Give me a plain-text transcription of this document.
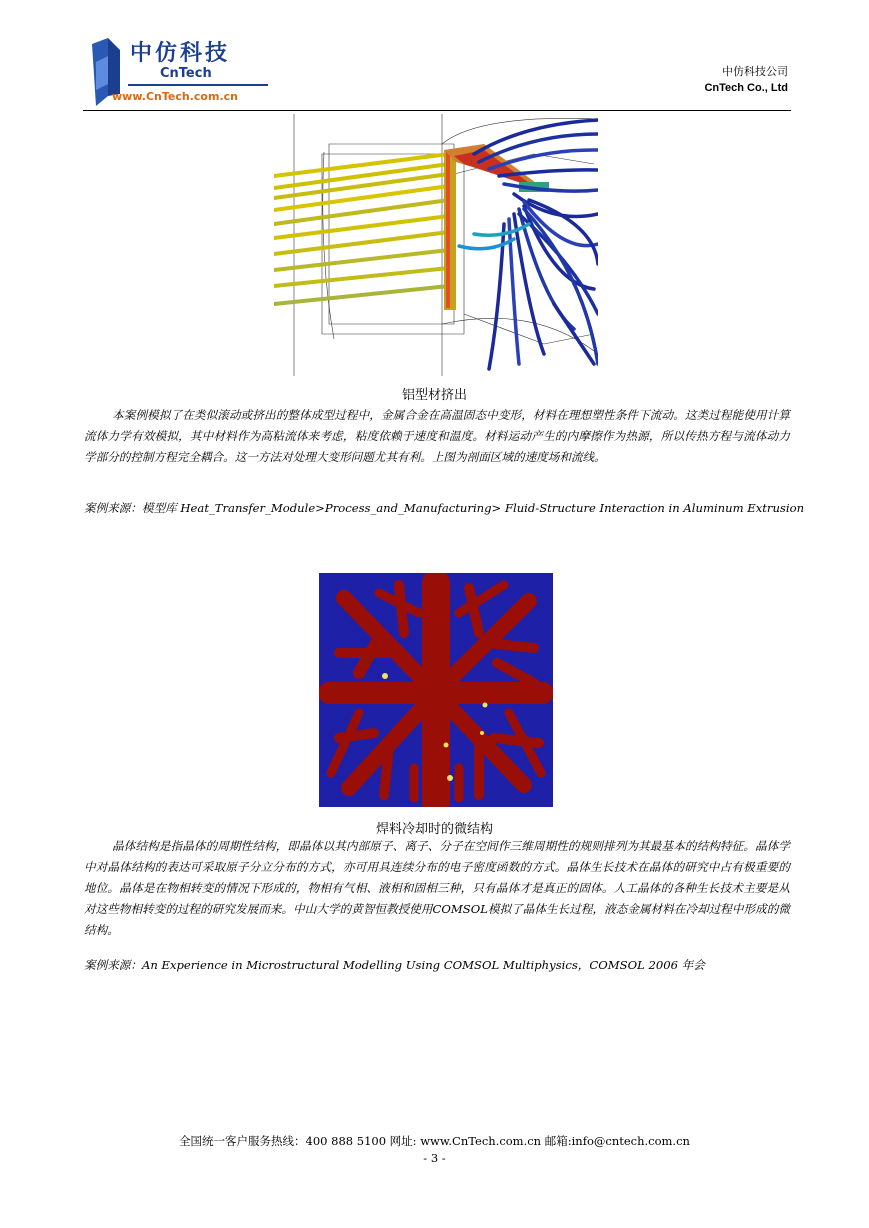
中仿科技
CnTech
www.CnTech.com.cn
中仿科技公司
CnTech Co., Ltd
铝型材挤出
本案例模拟了在类似滚动或挤出的整体成型过程中，金属合金在高温固态中变形，材料在理想塑性条件下流动。这类过程能使用计算流体力学有效模拟，其中材料作为高粘流体来考虑，粘度依赖于速度和温度。材料运动产生的内摩擦作为热源，所以传热方程与流体动力学部分的控制方程完全耦合。这一方法对处理大变形问题尤其有利。上图为剖面区域的速度场和流线。
案例来源：模型库 Heat_Transfer_Module>Process_and_Manufacturing> Fluid-Structure Interaction in Aluminum Extrusion
焊料冷却时的微结构
晶体结构是指晶体的周期性结构，即晶体以其内部原子、离子、分子在空间作三维周期性的规则排列为其最基本的结构特征。晶体学中对晶体结构的表达可采取原子分立分布的方式，亦可用具连续分布的电子密度函数的方式。晶体生长技术在晶体的研究中占有极重要的地位。晶体是在物相转变的情况下形成的，物相有气相、液相和固相三种，只有晶体才是真正的固体。人工晶体的各种生长技术主要是从对这些物相转变的过程的研究发展而来。中山大学的黄智恒教授使用COMSOL模拟了晶体生长过程，液态金属材料在冷却过程中形成的微结构。
案例来源：An Experience in Microstructural Modelling Using COMSOL Multiphysics，COMSOL 2006 年会
全国统一客户服务热线：400 888 5100 网址: www.CnTech.com.cn 邮箱:info@cntech.com.cn
- 3 -
